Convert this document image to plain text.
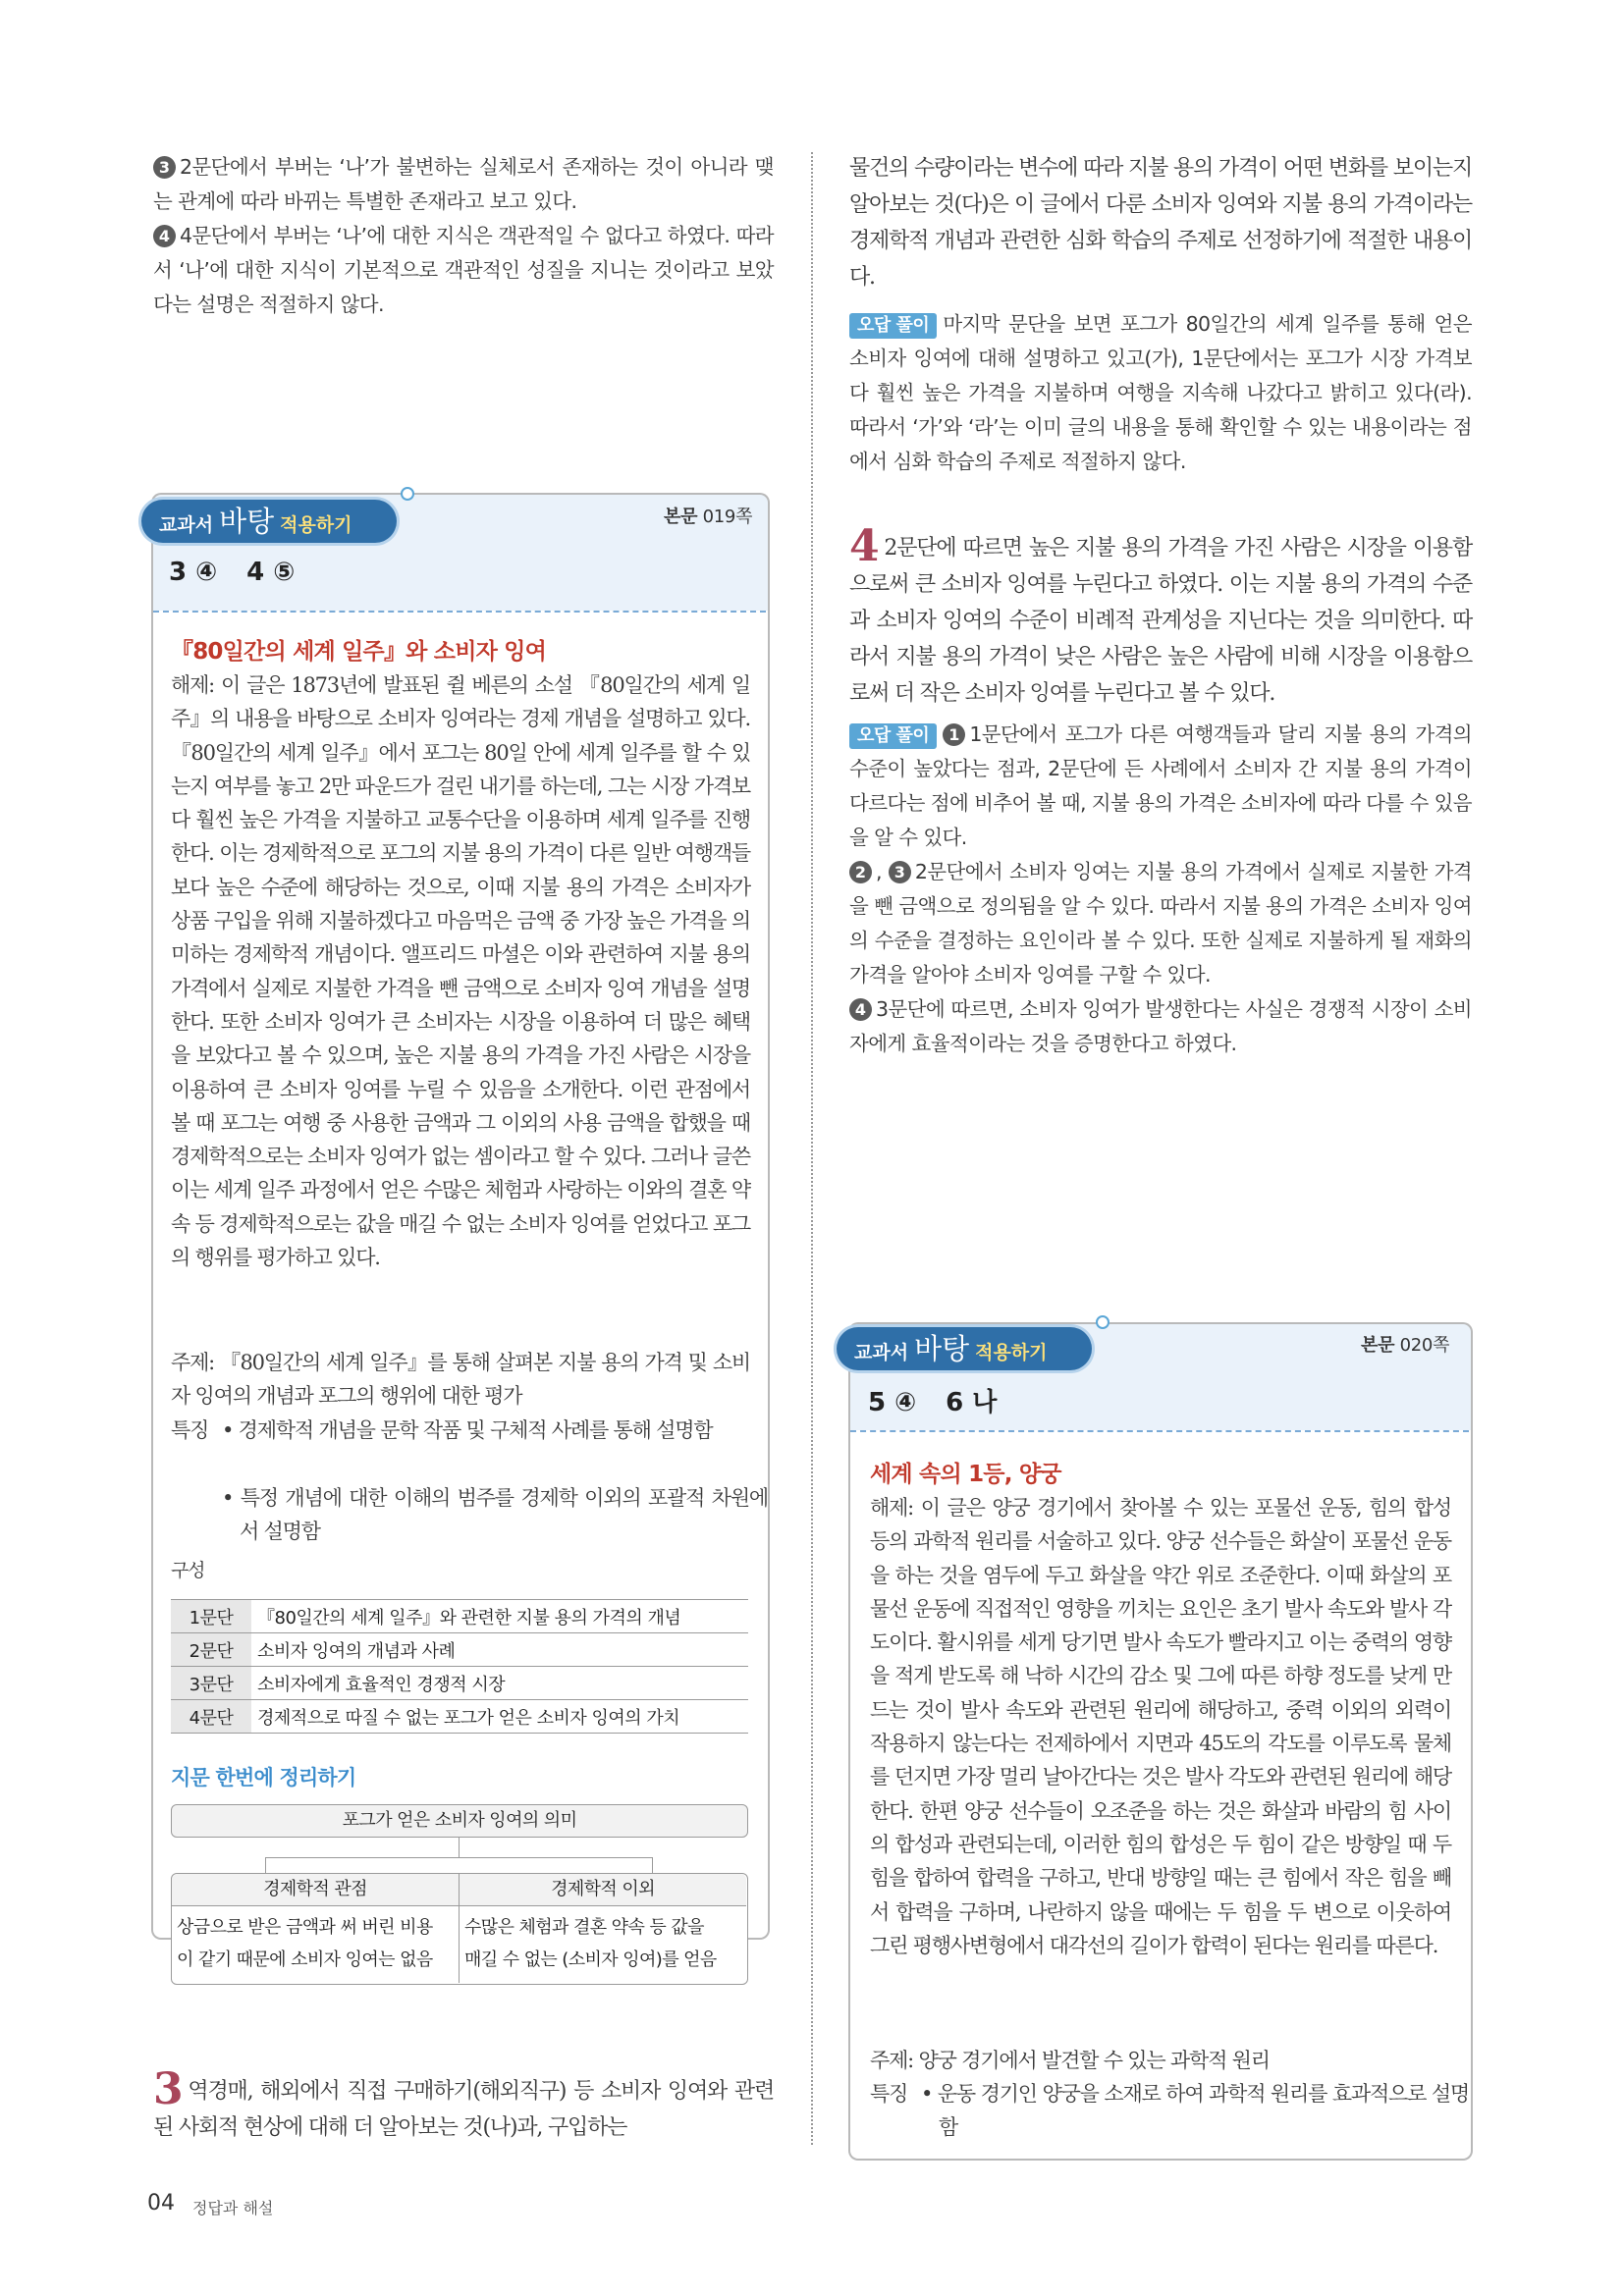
3 2문단에서 부버는 ‘나’가 불변하는 실체로서 존재하는 것이 아니라 맺는 관계에 따라 바뀌는 특별한 존재라고 보고 있다.

4 4문단에서 부버는 ‘나’에 대한 지식은 객관적일 수 없다고 하였다. 따라서 ‘나’에 대한 지식이 기본적으로 객관적인 성질을 지니는 것이라고 보았다는 설명은 적절하지 않다.

교과서 바탕 적용하기	본문 019쪽
3 ④ 4 ⑤
『80일간의 세계 일주』와 소비자 잉여
해제: 이 글은 1873년에 발표된 쥘 베른의 소설 『80일간의 세계 일주』의 내용을 바탕으로 소비자 잉여라는 경제 개념을 설명하고 있다. 『80일간의 세계 일주』에서 포그는 80일 안에 세계 일주를 할 수 있는지 여부를 놓고 2만 파운드가 걸린 내기를 하는데, 그는 시장 가격보다 훨씬 높은 가격을 지불하고 교통수단을 이용하며 세계 일주를 진행한다. 이는 경제학적으로 포그의 지불 용의 가격이 다른 일반 여행객들보다 높은 수준에 해당하는 것으로, 이때 지불 용의 가격은 소비자가 상품 구입을 위해 지불하겠다고 마음먹은 금액 중 가장 높은 가격을 의미하는 경제학적 개념이다. 앨프리드 마셜은 이와 관련하여 지불 용의 가격에서 실제로 지불한 가격을 뺀 금액으로 소비자 잉여 개념을 설명한다. 또한 소비자 잉여가 큰 소비자는 시장을 이용하여 더 많은 혜택을 보았다고 볼 수 있으며, 높은 지불 용의 가격을 가진 사람은 시장을 이용하여 큰 소비자 잉여를 누릴 수 있음을 소개한다. 이런 관점에서 볼 때 포그는 여행 중 사용한 금액과 그 이외의 사용 금액을 합했을 때 경제학적으로는 소비자 잉여가 없는 셈이라고 할 수 있다. 그러나 글쓴이는 세계 일주 과정에서 얻은 수많은 체험과 사랑하는 이와의 결혼 약속 등 경제학적으로는 값을 매길 수 없는 소비자 잉여를 얻었다고 포그의 행위를 평가하고 있다.
주제: 『80일간의 세계 일주』를 통해 살펴본 지불 용의 가격 및 소비자 잉여의 개념과 포그의 행위에 대한 평가
특징 • 경제학적 개념을 문학 작품 및 구체적 사례를 통해 설명함
• 특정 개념에 대한 이해의 범주를 경제학 이외의 포괄적 차원에서 설명함
구성
1문단	『80일간의 세계 일주』와 관련한 지불 용의 가격의 개념
2문단	소비자 잉여의 개념과 사례
3문단	소비자에게 효율적인 경쟁적 시장
4문단	경제적으로 따질 수 없는 포그가 얻은 소비자 잉여의 가치
지문 한번에 정리하기
포그가 얻은 소비자 잉여의 의미
경제학적 관점	경제학적 이외
상금으로 받은 금액과 써 버린 비용
이 같기 때문에 소비자 잉여는 없음
수많은 체험과 결혼 약속 등 값을
매길 수 없는 (소비자 잉여)를 얻음

3 역경매, 해외에서 직접 구매하기(해외직구) 등 소비자 잉여와 관련된 사회적 현상에 대해 더 알아보는 것(나)과, 구입하는

물건의 수량이라는 변수에 따라 지불 용의 가격이 어떤 변화를 보이는지 알아보는 것(다)은 이 글에서 다룬 소비자 잉여와 지불 용의 가격이라는 경제학적 개념과 관련한 심화 학습의 주제로 선정하기에 적절한 내용이다.

오답 풀이 마지막 문단을 보면 포그가 80일간의 세계 일주를 통해 얻은 소비자 잉여에 대해 설명하고 있고(가), 1문단에서는 포그가 시장 가격보다 훨씬 높은 가격을 지불하며 여행을 지속해 나갔다고 밝히고 있다(라). 따라서 ‘가’와 ‘라’는 이미 글의 내용을 통해 확인할 수 있는 내용이라는 점에서 심화 학습의 주제로 적절하지 않다.

4 2문단에 따르면 높은 지불 용의 가격을 가진 사람은 시장을 이용함으로써 큰 소비자 잉여를 누린다고 하였다. 이는 지불 용의 가격의 수준과 소비자 잉여의 수준이 비례적 관계성을 지닌다는 것을 의미한다. 따라서 지불 용의 가격이 낮은 사람은 높은 사람에 비해 시장을 이용함으로써 더 작은 소비자 잉여를 누린다고 볼 수 있다.

오답 풀이 1 1문단에서 포그가 다른 여행객들과 달리 지불 용의 가격의 수준이 높았다는 점과, 2문단에 든 사례에서 소비자 간 지불 용의 가격이 다르다는 점에 비추어 볼 때, 지불 용의 가격은 소비자에 따라 다를 수 있음을 알 수 있다.

2 , 3 2문단에서 소비자 잉여는 지불 용의 가격에서 실제로 지불한 가격을 뺀 금액으로 정의됨을 알 수 있다. 따라서 지불 용의 가격은 소비자 잉여의 수준을 결정하는 요인이라 볼 수 있다. 또한 실제로 지불하게 될 재화의 가격을 알아야 소비자 잉여를 구할 수 있다.

4 3문단에 따르면, 소비자 잉여가 발생한다는 사실은 경쟁적 시장이 소비자에게 효율적이라는 것을 증명한다고 하였다.

교과서 바탕 적용하기	본문 020쪽
5 ④ 6 나
세계 속의 1등, 양궁
해제: 이 글은 양궁 경기에서 찾아볼 수 있는 포물선 운동, 힘의 합성 등의 과학적 원리를 서술하고 있다. 양궁 선수들은 화살이 포물선 운동을 하는 것을 염두에 두고 화살을 약간 위로 조준한다. 이때 화살의 포물선 운동에 직접적인 영향을 끼치는 요인은 초기 발사 속도와 발사 각도이다. 활시위를 세게 당기면 발사 속도가 빨라지고 이는 중력의 영향을 적게 받도록 해 낙하 시간의 감소 및 그에 따른 하향 정도를 낮게 만드는 것이 발사 속도와 관련된 원리에 해당하고, 중력 이외의 외력이 작용하지 않는다는 전제하에서 지면과 45도의 각도를 이루도록 물체를 던지면 가장 멀리 날아간다는 것은 발사 각도와 관련된 원리에 해당한다. 한편 양궁 선수들이 오조준을 하는 것은 화살과 바람의 힘 사이의 합성과 관련되는데, 이러한 힘의 합성은 두 힘이 같은 방향일 때 두 힘을 합하여 합력을 구하고, 반대 방향일 때는 큰 힘에서 작은 힘을 빼서 합력을 구하며, 나란하지 않을 때에는 두 힘을 두 변으로 이웃하여 그린 평행사변형에서 대각선의 길이가 합력이 된다는 원리를 따른다.
주제: 양궁 경기에서 발견할 수 있는 과학적 원리
특징 • 운동 경기인 양궁을 소재로 하여 과학적 원리를 효과적으로 설명함
04 정답과 해설
